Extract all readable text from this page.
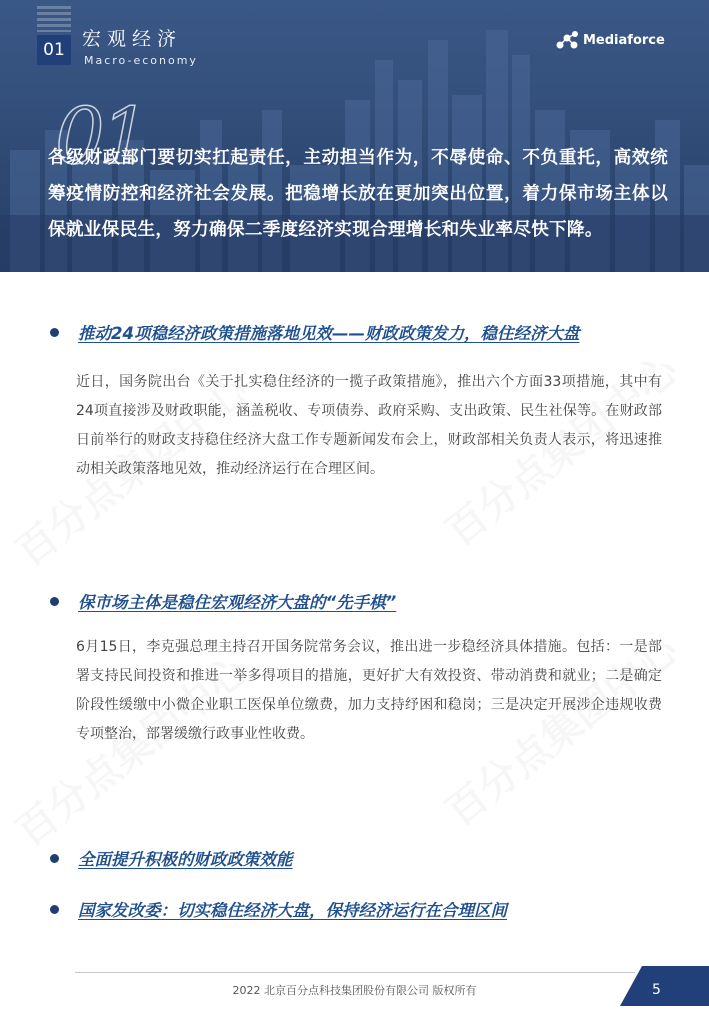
01 宏观经济
Macro-economy
Mediaforce
01
各级财政部门要切实扛起责任，主动担当作为，不辱使命、不负重托，高效统筹疫情防控和经济社会发展。把稳增长放在更加突出位置，着力保市场主体以保就业保民生，努力确保二季度经济实现合理增长和失业率尽快下降。
推动24项稳经济政策措施落地见效——财政政策发力，稳住经济大盘
近日，国务院出台《关于扎实稳住经济的一揽子政策措施》，推出六个方面33项措施，其中有24项直接涉及财政职能，涵盖税收、专项债券、政府采购、支出政策、民生社保等。在财政部日前举行的财政支持稳住经济大盘工作专题新闻发布会上，财政部相关负责人表示，将迅速推动相关政策落地见效，推动经济运行在合理区间。
保市场主体是稳住宏观经济大盘的“先手棋”
6月15日，李克强总理主持召开国务院常务会议，推出进一步稳经济具体措施。包括：一是部署支持民间投资和推进一举多得项目的措施，更好扩大有效投资、带动消费和就业；二是确定阶段性缓缴中小微企业职工医保单位缴费，加力支持纾困和稳岗；三是决定开展涉企违规收费专项整治，部署缓缴行政事业性收费。
全面提升积极的财政政策效能
国家发改委：切实稳住经济大盘，保持经济运行在合理区间
2022 北京百分点科技集团股份有限公司 版权所有	5
